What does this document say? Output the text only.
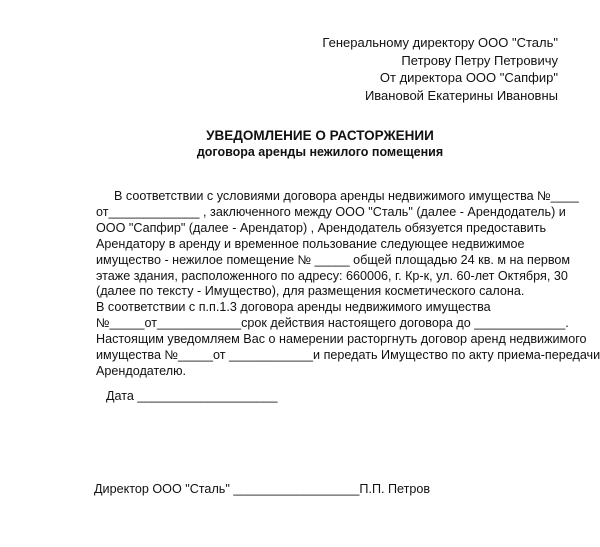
Генеральному директору ООО "Сталь"
Петрову Петру Петровичу
От директора ООО "Сапфир"
Ивановой Екатерины Ивановны
УВЕДОМЛЕНИЕ О РАСТОРЖЕНИИ
договора аренды нежилого помещения
В соответствии с условиями договора аренды недвижимого имущества №____
от_____________ , заключенного между ООО "Сталь" (далее - Арендодатель) и
ООО "Сапфир" (далее - Арендатор) , Арендодатель обязуется предоставить
Арендатору в аренду и временное пользование следующее недвижимое
имущество - нежилое помещение № _____ общей площадью 24 кв. м на первом
этаже здания, расположенного по адресу: 660006, г. Кр-к, ул. 60-лет Октября, 30
(далее по тексту - Имущество), для размещения косметического салона.
В соответствии с п.п.1.3 договора аренды недвижимого имущества
№_____от____________срок действия настоящего договора до _____________.
Настоящим уведомляем Вас о намерении расторгнуть договор аренд недвижимого
имущества №_____от ____________и передать Имущество по акту приема-передачи
Арендодателю.
Дата ____________________
Директор ООО "Сталь" __________________П.П. Петров
